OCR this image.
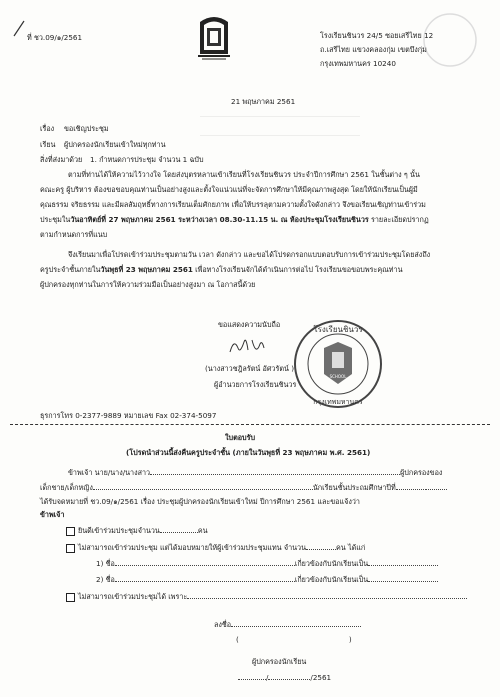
ที่ ชว.09/๑/2561	โรงเรียนชินวร 24/5 ซอยเสรีไทย 12
ถ.เสรีไทย แขวงคลองกุ่ม เขตบึงกุ่ม
กรุงเทพมหานคร 10240
21 พฤษภาคม 2561
เรื่อง ขอเชิญประชุม
เรียน ผู้ปกครองนักเรียนเข้าใหม่ทุกท่าน
สิ่งที่ส่งมาด้วย 1. กำหนดการประชุม จำนวน 1 ฉบับ
ตามที่ท่านได้ให้ความไว้วางใจ โดยส่งบุตรหลานเข้าเรียนที่โรงเรียนชินวร ประจำปีการศึกษา 2561 ในชั้นต่าง ๆ นั้น
คณะครู ผู้บริหาร ต้องขอขอบคุณท่านเป็นอย่างสูงและตั้งใจแน่วแน่ที่จะจัดการศึกษาให้มีคุณภาพสูงสุด โดยให้นักเรียนเป็นผู้มี
คุณธรรม จริยธรรม และมีผลสัมฤทธิ์ทางการเรียนเต็มศักยภาพ เพื่อให้บรรลุตามความตั้งใจดังกล่าว จึงขอเรียนเชิญท่านเข้าร่วม
ประชุมในวันอาทิตย์ที่ 27 พฤษภาคม 2561 ระหว่างเวลา 08.30-11.15 น. ณ ห้องประชุมโรงเรียนชินวร รายละเอียดปรากฏ
ตามกำหนดการที่แนบ
จึงเรียนมาเพื่อโปรดเข้าร่วมประชุมตามวัน เวลา ดังกล่าว และขอได้โปรดกรอกแบบตอบรับการเข้าร่วมประชุมโดยส่งถึง
ครูประจำชั้นภายในวันพุธที่ 23 พฤษภาคม 2561 เพื่อทางโรงเรียนจักได้ดำเนินการต่อไป โรงเรียนขอขอบพระคุณท่าน
ผู้ปกครองทุกท่านในการให้ความร่วมมือเป็นอย่างสูงมา ณ โอกาสนี้ด้วย
ขอแสดงความนับถือ
(นางสาวชฎิลรัตน์ อัศวรัตน์ )
ผู้อำนวยการโรงเรียนชินวร
SCHOOL
โรงเรียนชินวร
กรุงเทพมหานคร
ธุรการโทร 0-2377-9889 หมายเลข Fax 02-374-5097
ใบตอบรับ
(โปรดนำส่วนนี้ส่งคืนครูประจำชั้น (ภายในวันพุธที่ 23 พฤษภาคม พ.ศ. 2561)
ข้าพเจ้า นาย/นาง/นางสาว	ผู้ปกครองของ
เด็กชาย/เด็กหญิง	นักเรียนชั้นประถมศึกษาปีที่
ได้รับจดหมายที่ ชว.09/๑/2561 เรื่อง ประชุมผู้ปกครองนักเรียนเข้าใหม่ ปีการศึกษา 2561 และขอแจ้งว่า
ข้าพเจ้า
ยินดีเข้าร่วมประชุมจำนวน	คน
ไม่สามารถเข้าร่วมประชุม แต่ได้มอบหมายให้ผู้เข้าร่วมประชุมแทน จำนวน	คน ได้แก่
1) ชื่อ	เกี่ยวข้องกับนักเรียนเป็น
2) ชื่อ	เกี่ยวข้องกับนักเรียนเป็น
ไม่สามารถเข้าร่วมประชุมได้ เพราะ
ลงชื่อ
(	)
ผู้ปกครองนักเรียน
/	/2561
